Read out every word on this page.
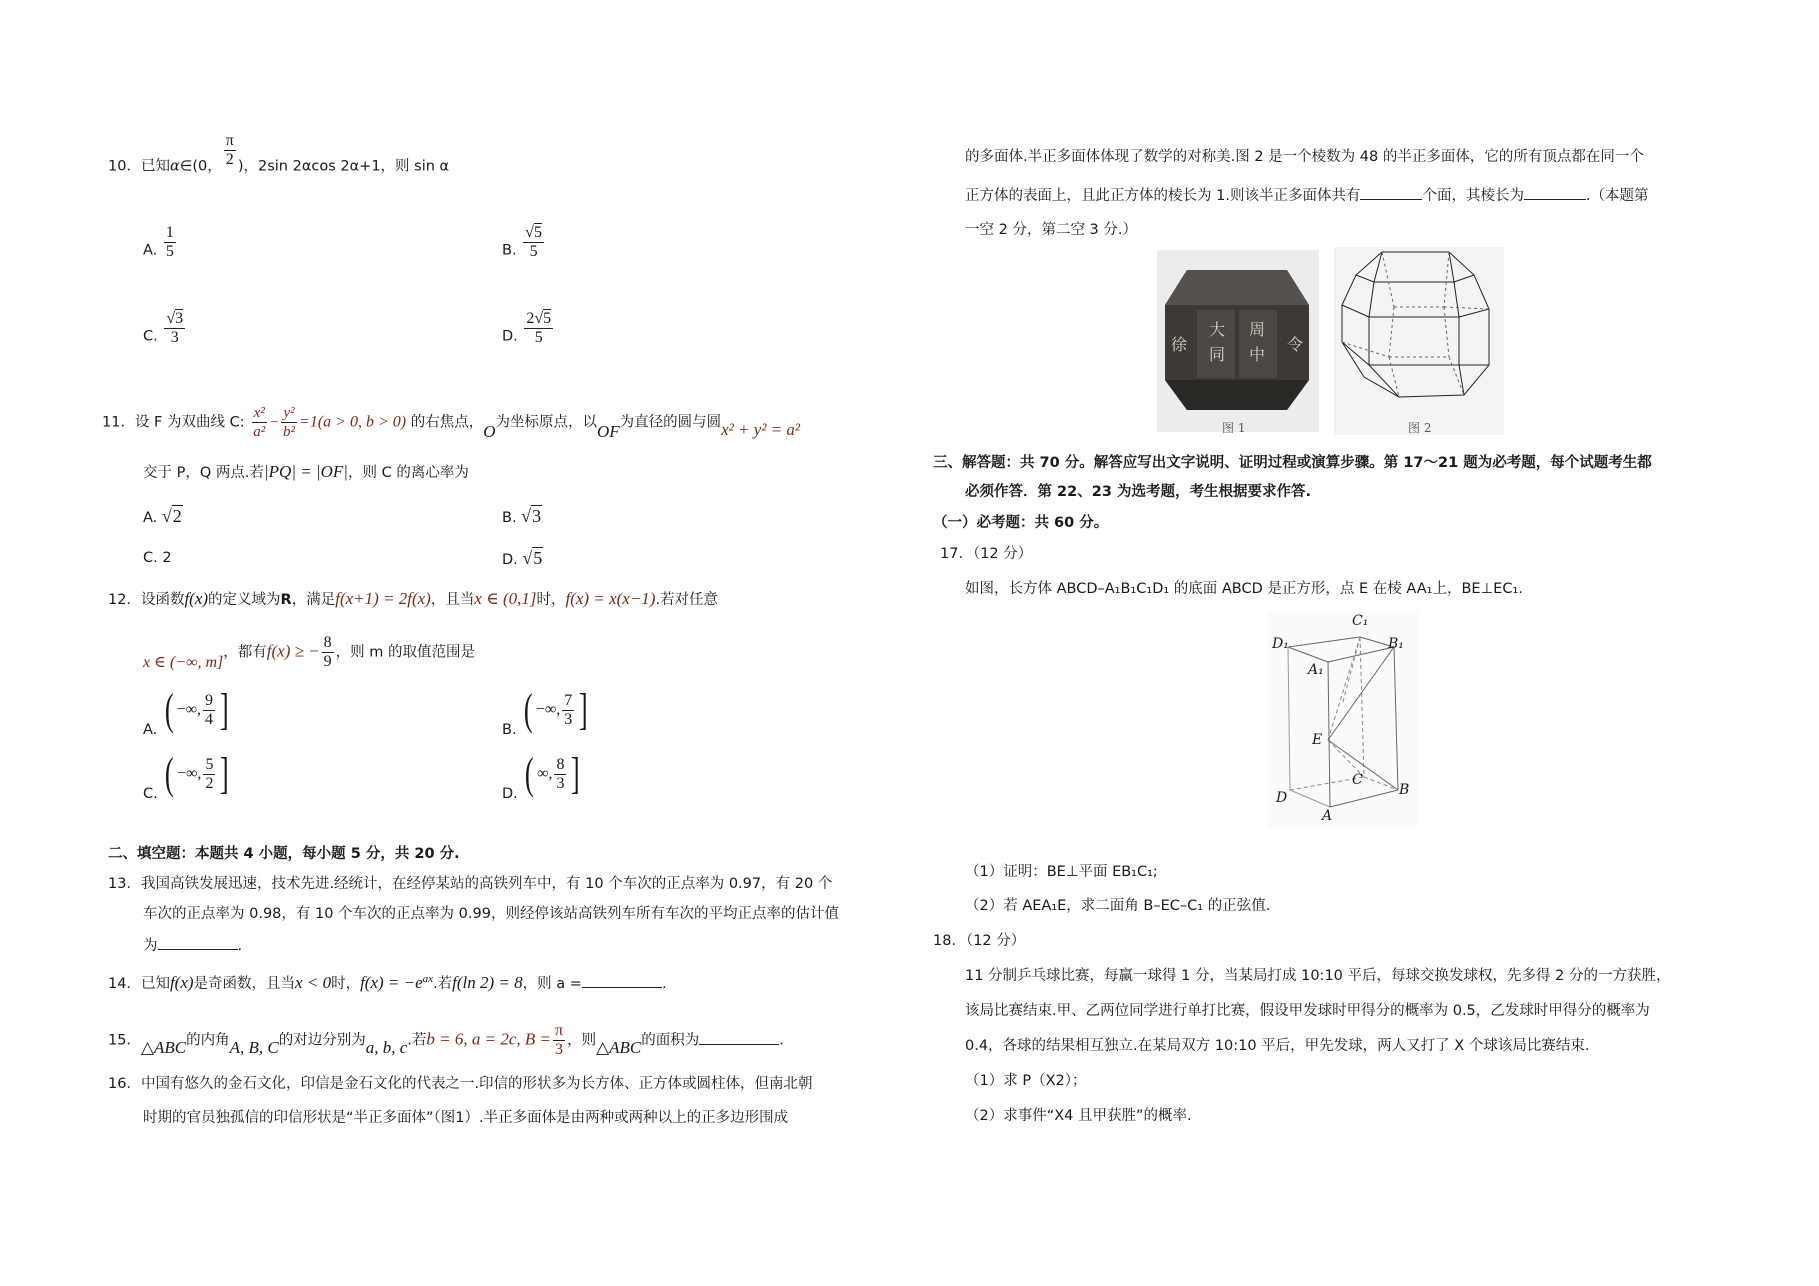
10．已知α∈(0， $\frac{\pi}{2}$ )，2sin 2αcos 2α+1，则 sin α
A. $\frac{1}{5}$	B. $\frac{√5}{5}$
C. $\frac{√3}{3}$	D. $\frac{2√5}{5}$
11．设 F 为双曲线 C: $\frac{\text{x²}}{\text{a²}} - \frac{\text{y²}}{\text{b²}} =1(a > 0$, b > 0) 的右焦点，O为坐标原点，以OF为直径的圆与圆x² + y² = a²
交于 P，Q 两点.若|PQ| = |OF|，则 C 的离心率为
A. √2	B. √3
C. 2	D. √5
12．设函数f(x)的定义域为R，满足f(x+1) = 2f(x)，且当x ∈ (0,1]时，f(x) = x(x−1).若对任意
x ∈ (−∞, m]，都有f(x) ≥ − $\frac{8}{9}$ ，则 m 的取值范围是
A. ( −∞, $\frac{9}{4}$ ]	B. ( −∞, $\frac{7}{3}$ ]
C. ( −∞, $\frac{5}{2}$ ]	D. ( ∞, $\frac{8}{3}$ ]
二、填空题：本题共 4 小题，每小题 5 分，共 20 分.
13．我国高铁发展迅速，技术先进.经统计，在经停某站的高铁列车中，有 10 个车次的正点率为 0.97，有 20 个
车次的正点率为 0.98，有 10 个车次的正点率为 0.99，则经停该站高铁列车所有车次的平均正点率的估计值
为	.
14．已知f(x)是奇函数，且当x < 0时，$f(x) = -e^{ax}$.若f(ln 2) = 8，则 a =	.
15．△ABC的内角A, B, C的对边分别为a, b, c.若b = 6, a = 2c, $B = \frac{\pi}{3}$ ，则△ABC的面积为	.
16．中国有悠久的金石文化，印信是金石文化的代表之一.印信的形状多为长方体、正方体或圆柱体，但南北朝
时期的官员独孤信的印信形状是“半正多面体”（图1）.半正多面体是由两种或两种以上的正多边形围成
的多面体.半正多面体体现了数学的对称美.图 2 是一个棱数为 48 的半正多面体，它的所有顶点都在同一个
正方体的表面上，且此正方体的棱长为 1.则该半正多面体共有	个面，其棱长为	.（本题第
一空 2 分，第二空 3 分.）
大 周
中
同
令
徐
图 1	图 2
三、解答题：共 70 分。解答应写出文字说明、证明过程或演算步骤。第 17～21 题为必考题，每个试题考生都
必须作答．第 22、23 为选考题，考生根据要求作答.
（一）必考题：共 60 分。
17．（12 分）
如图，长方体 ABCD–A₁B₁C₁D₁ 的底面 ABCD 是正方形，点 E 在棱 AA₁上，BE⊥EC₁.
C₁
D₁	B₁
A₁
E
C
D	B
A
（1）证明：BE⊥平面 EB₁C₁;
（2）若 AEA₁E，求二面角 B–EC–C₁ 的正弦值.
18．（12 分）
11 分制乒乓球比赛，每赢一球得 1 分，当某局打成 10:10 平后，每球交换发球权，先多得 2 分的一方获胜，
该局比赛结束.甲、乙两位同学进行单打比赛，假设甲发球时甲得分的概率为 0.5，乙发球时甲得分的概率为
0.4，各球的结果相互独立.在某局双方 10:10 平后，甲先发球，两人又打了 X 个球该局比赛结束.
（1）求 P（X2）；
（2）求事件“X4 且甲获胜”的概率.
